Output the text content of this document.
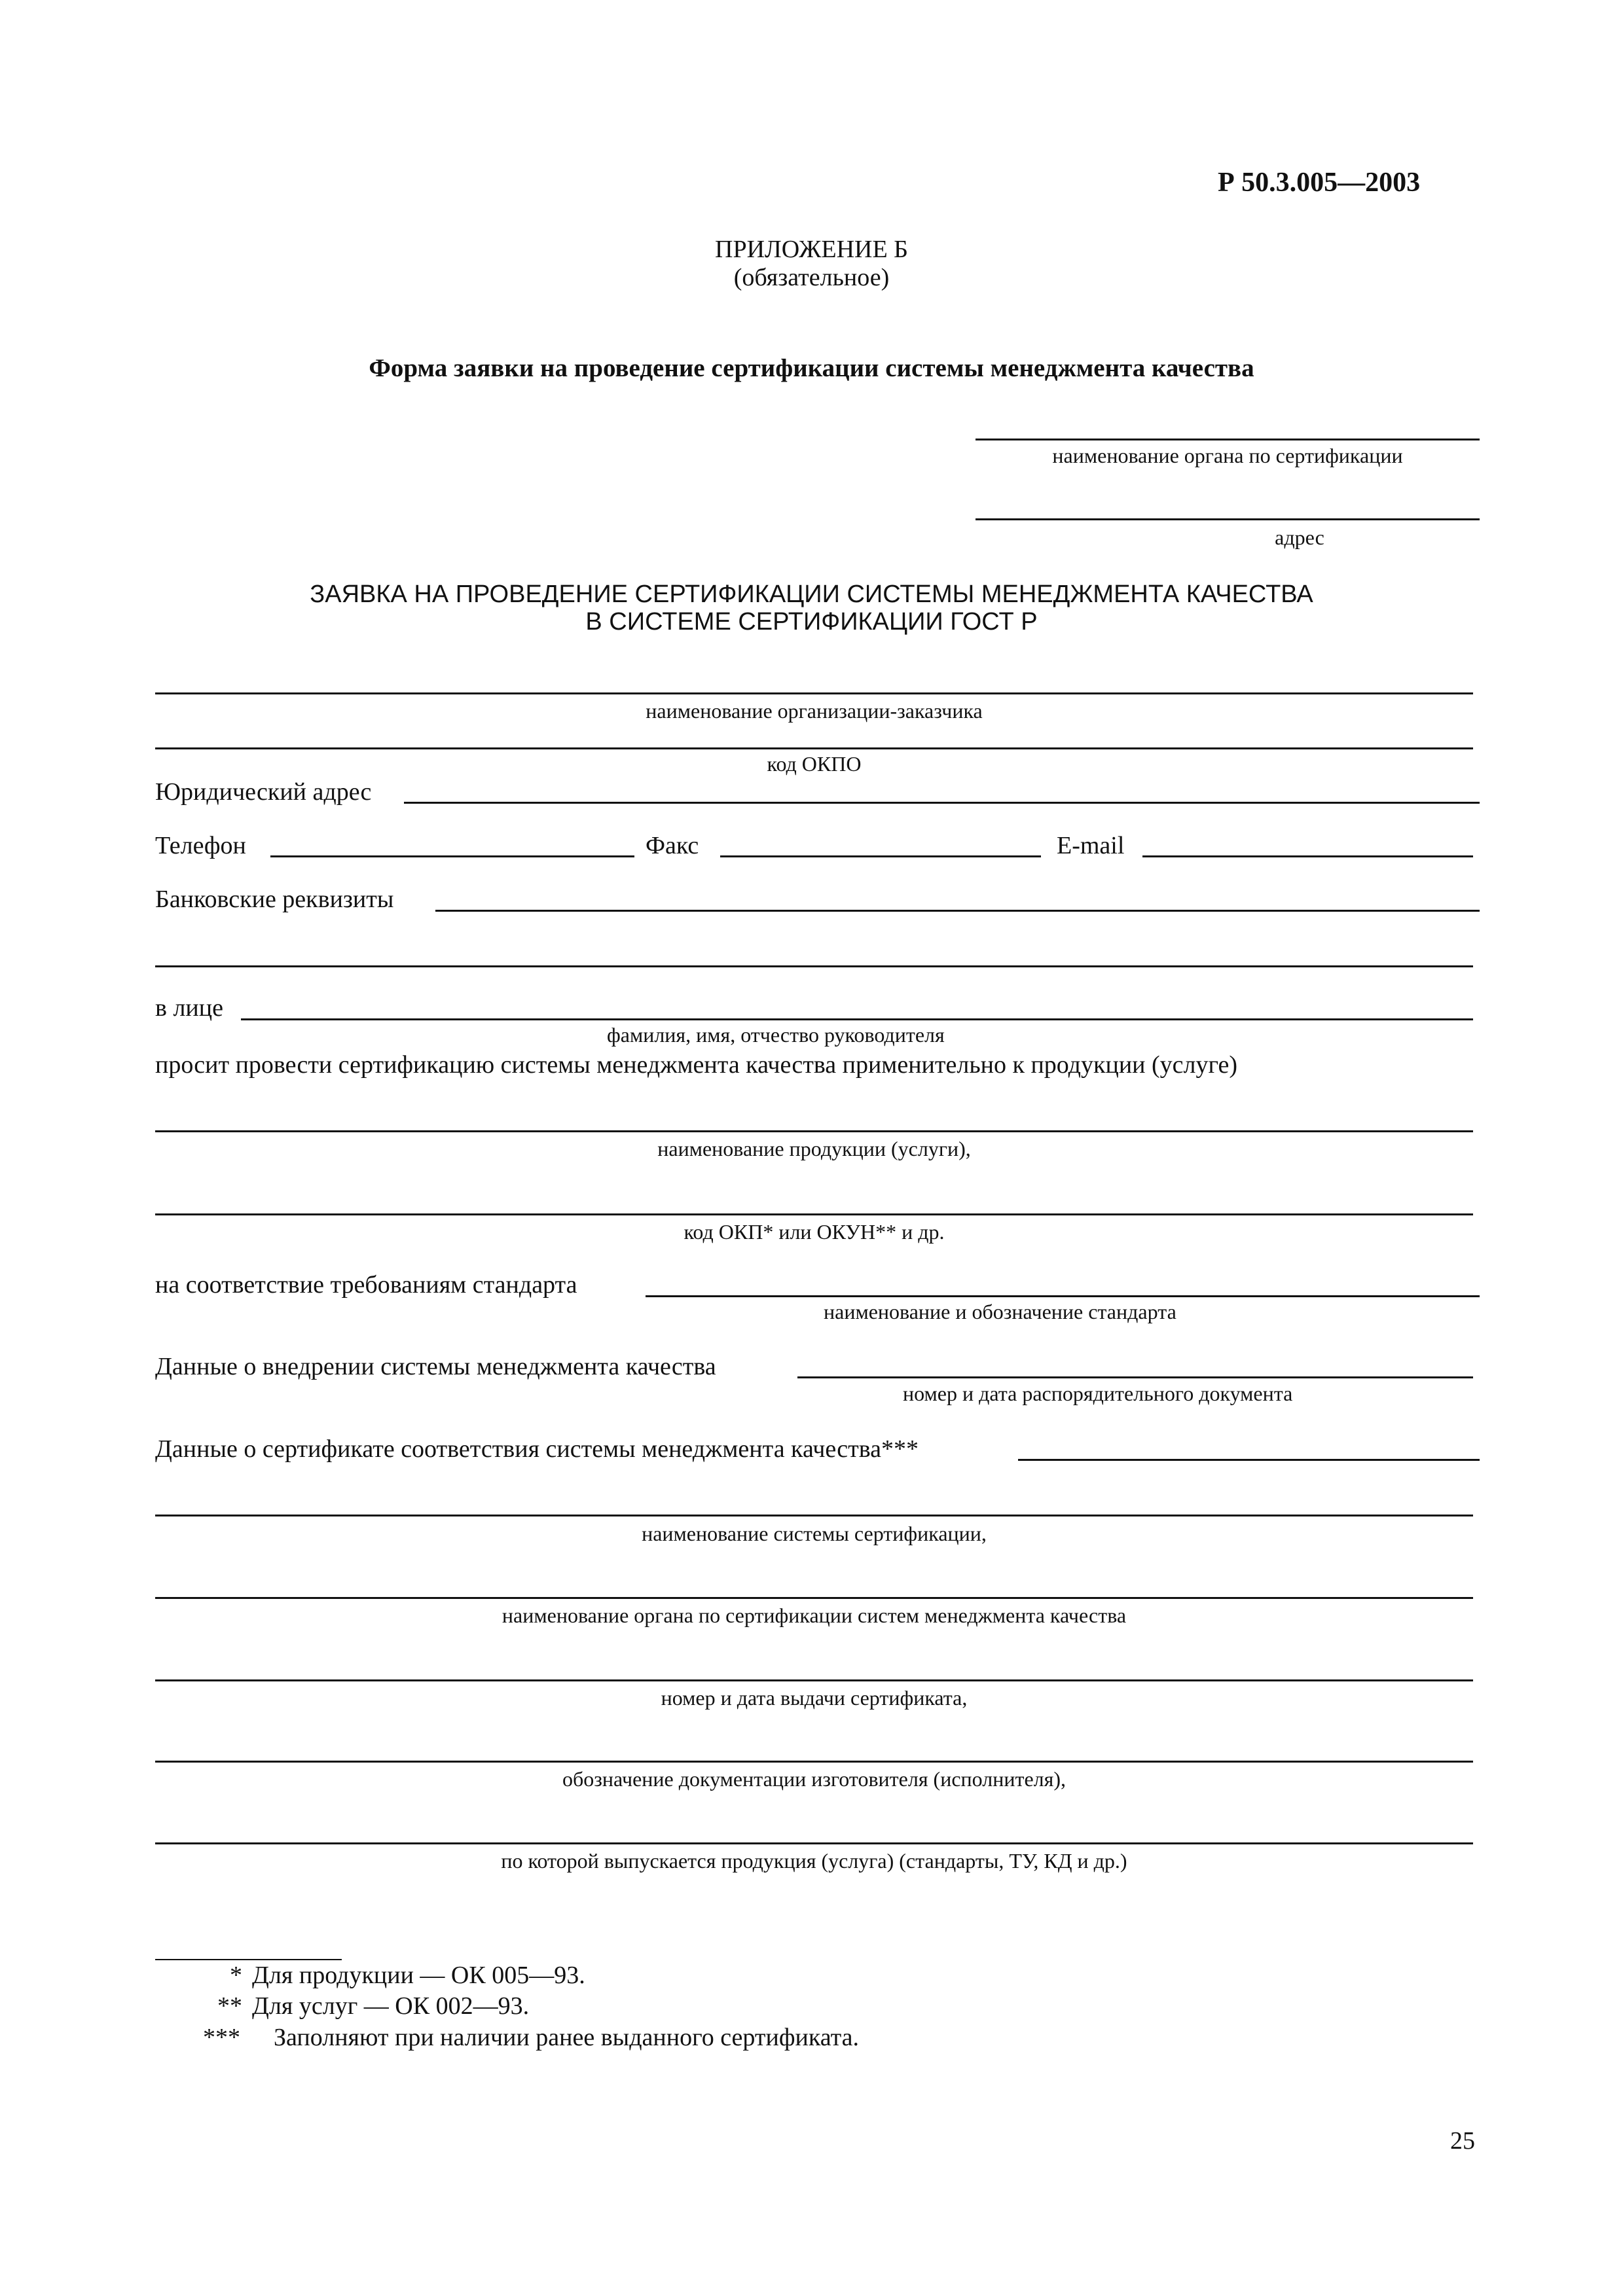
Р 50.3.005—2003
ПРИЛОЖЕНИЕ Б
(обязательное)
Форма заявки на проведение сертификации системы менеджмента качества
наименование органа по сертификации
адрес
ЗАЯВКА НА ПРОВЕДЕНИЕ СЕРТИФИКАЦИИ СИСТЕМЫ МЕНЕДЖМЕНТА КАЧЕСТВА
В СИСТЕМЕ СЕРТИФИКАЦИИ ГОСТ Р
наименование организации-заказчика
код ОКПО
Юридический адрес
Телефон	Факс	E-mail
Банковские реквизиты
в лице
фамилия, имя, отчество руководителя
просит провести сертификацию системы менеджмента качества применительно к продукции (услуге)
наименование продукции (услуги),
код ОКП* или ОКУН** и др.
на соответствие требованиям стандарта
наименование и обозначение стандарта
Данные о внедрении системы менеджмента качества
номер и дата распорядительного документа
Данные о сертификате соответствия системы менеджмента качества***
наименование системы сертификации,
наименование органа по сертификации систем менеджмента качества
номер и дата выдачи сертификата,
обозначение документации изготовителя (исполнителя),
по которой выпускается продукция (услуга) (стандарты, ТУ, КД и др.)
* Для продукции — ОК 005—93.
** Для услуг — ОК 002—93.
***	Заполняют при наличии ранее выданного сертификата.
25
